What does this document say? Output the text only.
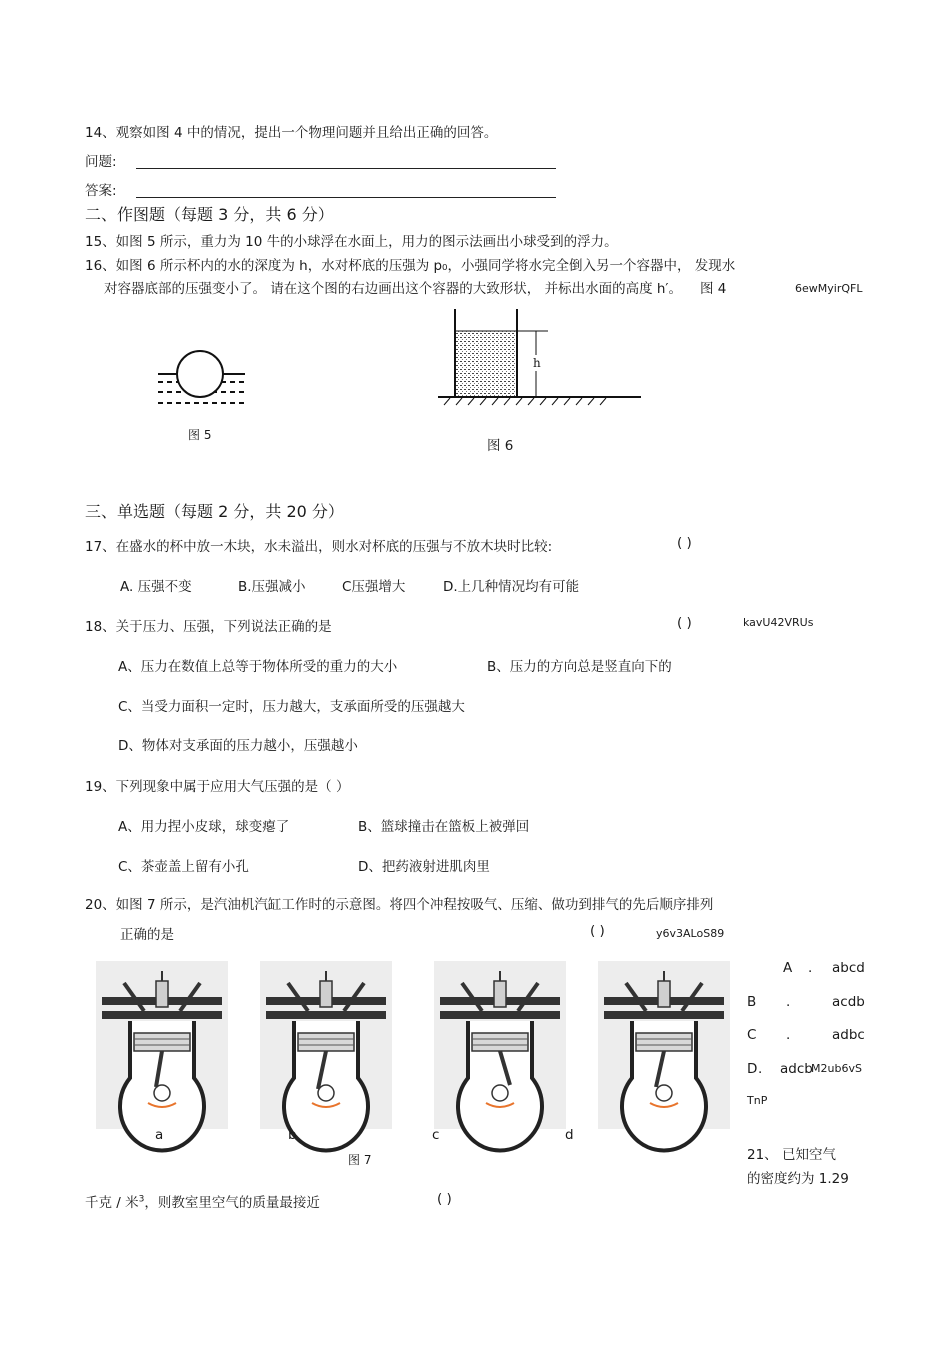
14、观察如图 4 中的情况，提出一个物理问题并且给出正确的回答。
问题:
答案:
二、作图题（每题 3 分，共 6 分）
15、如图 5 所示，重力为 10 牛的小球浮在水面上，用力的图示法画出小球受到的浮力。
16、如图 6 所示杯内的水的深度为 h，水对杯底的压强为 p₀，小强同学将水完全倒入另一个容器中， 发现水
对容器底部的压强变小了。 请在这个图的右边画出这个容器的大致形状， 并标出水面的高度 h′。 图 4	6ewMyirQFL
图 5
h
图 6
三、单选题（每题 2 分，共 20 分）
17、在盛水的杯中放一木块，水未溢出，则水对杯底的压强与不放木块时比较:	( )
A. 压强不变	B.压强减小	C压强增大	D.上几种情况均有可能
18、关于压力、压强，下列说法正确的是	( )	kavU42VRUs
A、压力在数值上总等于物体所受的重力的大小	B、压力的方向总是竖直向下的
C、当受力面积一定时，压力越大，支承面所受的压强越大
D、物体对支承面的压力越小，压强越小
19、下列现象中属于应用大气压强的是（ ）
A、用力捏小皮球，球变瘪了	B、篮球撞击在篮板上被弹回
C、茶壶盖上留有小孔	D、把药液射进肌肉里
20、如图 7 所示，是汽油机汽缸工作时的示意图。将四个冲程按吸气、压缩、做功到排气的先后顺序排列
正确的是	( )	y6v3ALoS89
A . abcd
B .	acdb
C .	adbc
D . adcb
M2ub6vS
TnP
a	b	c	d
图 7	21、 已知空气
的密度约为 1.29
千克 / 米$^3$，则教室里空气的质量最接近	( )
